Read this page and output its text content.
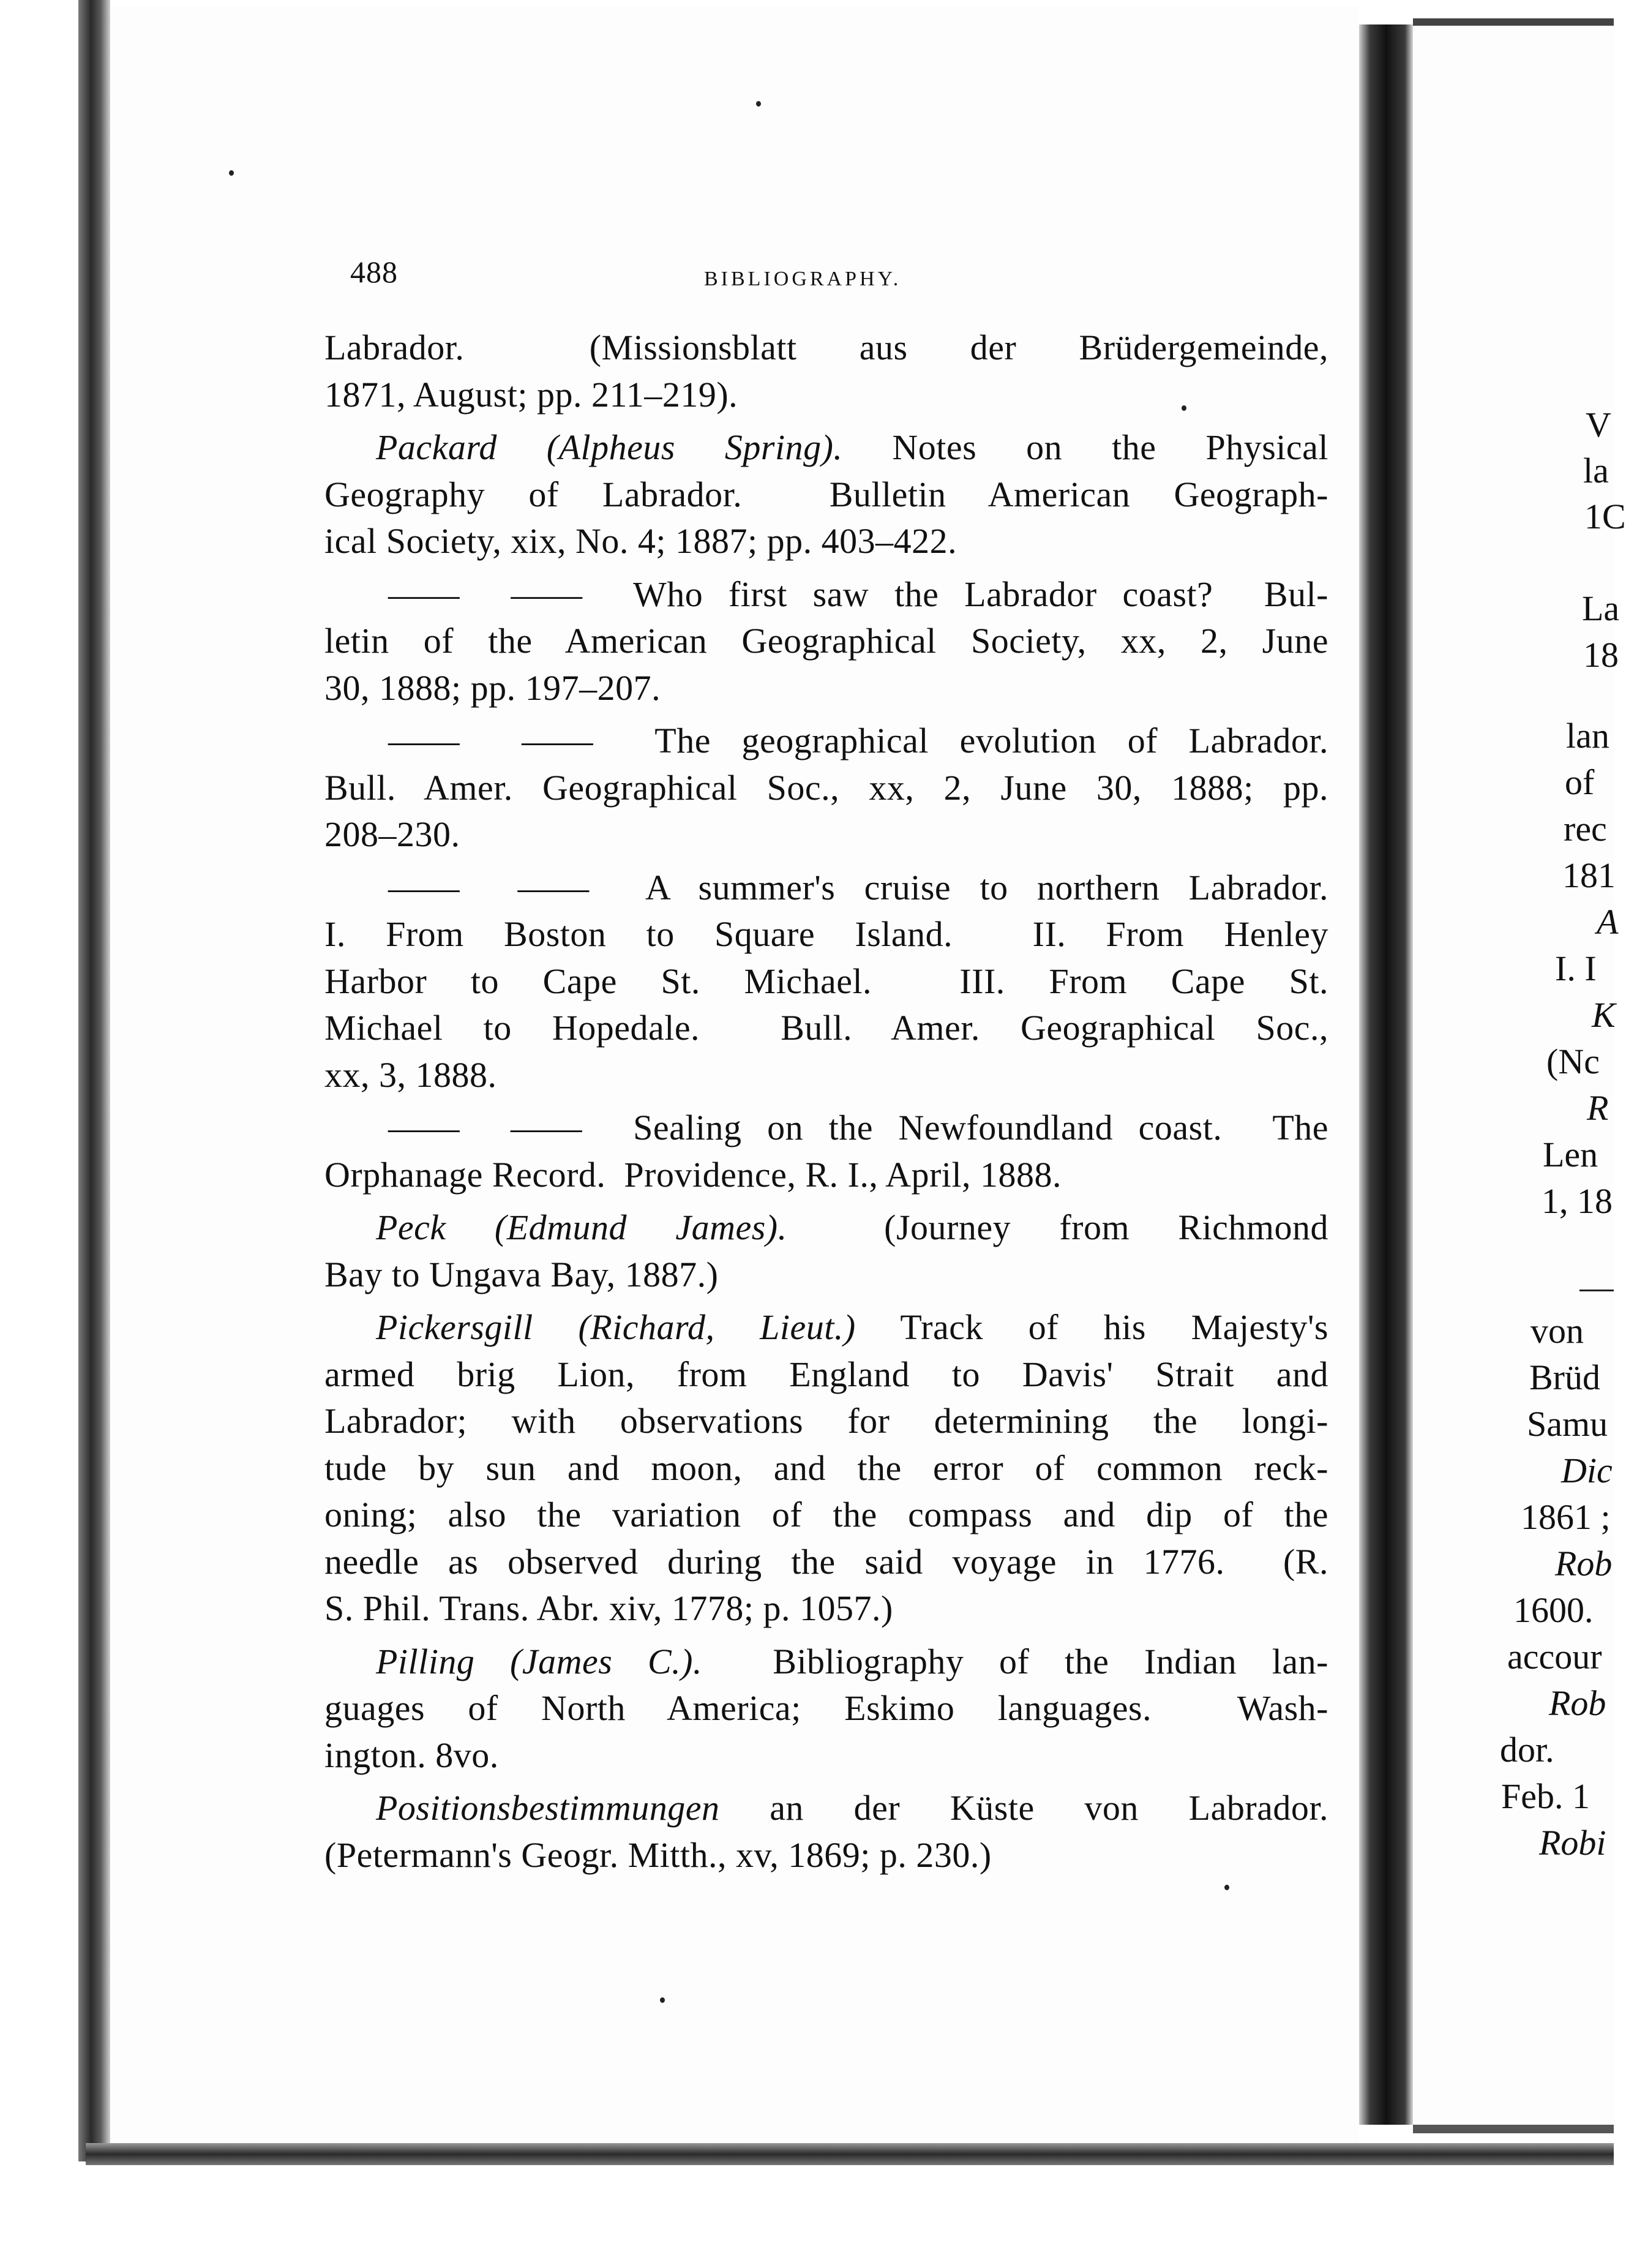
488	BIBLIOGRAPHY.
Labrador.  (Missionsblatt aus der Brüdergemeinde,
1871, August; pp. 211–219).
Packard (Alpheus Spring). Notes on the Physical
Geography of Labrador.  Bulletin American Geograph-
ical Society, xix, No. 4; 1887; pp. 403–422.
——  ——  Who first saw the Labrador coast?  Bul-
letin of the American Geographical Society, xx, 2, June
30, 1888; pp. 197–207.
——  ——  The geographical evolution of Labrador.
Bull. Amer. Geographical Soc., xx, 2, June 30, 1888; pp.
208–230.
——  ——  A summer's cruise to northern Labrador.
I. From Boston to Square Island.  II. From Henley
Harbor to Cape St. Michael.  III. From Cape St.
Michael to Hopedale.  Bull. Amer. Geographical Soc.,
xx, 3, 1888.
——  ——  Sealing on the Newfoundland coast.  The
Orphanage Record.  Providence, R. I., April, 1888.
Peck (Edmund James).  (Journey from Richmond
Bay to Ungava Bay, 1887.)
Pickersgill (Richard, Lieut.) Track of his Majesty's
armed brig Lion, from England to Davis' Strait and
Labrador; with observations for determining the longi-
tude by sun and moon, and the error of common reck-
oning; also the variation of the compass and dip of the
needle as observed during the said voyage in 1776.  (R.
S. Phil. Trans. Abr. xiv, 1778; p. 1057.)
Pilling (James C.).  Bibliography of the Indian lan-
guages of North America; Eskimo languages.  Wash-
ington. 8vo.
Positionsbestimmungen an der Küste von Labrador.
(Petermann's Geogr. Mitth., xv, 1869; p. 230.)
V
la
1C
La
18
lan
of
rec
181
A
I. I
K
(Nc
R
Len
1, 18
von
Brüd
Samu
Dic
1861 ;
Rob
1600.
accour
Rob
dor.
Feb. 1
Robi
